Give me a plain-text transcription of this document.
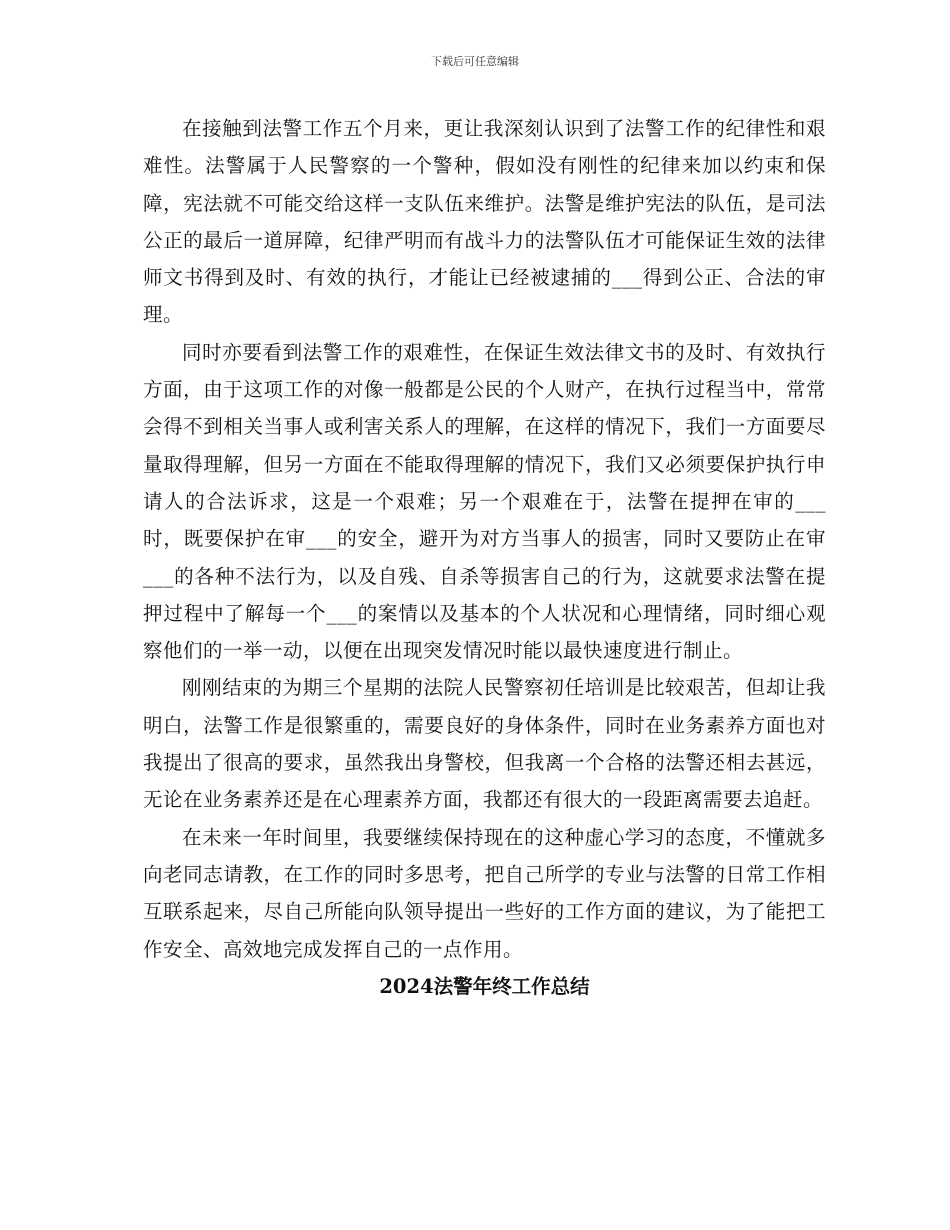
下载后可任意编辑

在接触到法警工作五个月来，更让我深刻认识到了法警工作的纪律性和艰难性。法警属于人民警察的一个警种，假如没有刚性的纪律来加以约束和保障，宪法就不可能交给这样一支队伍来维护。法警是维护宪法的队伍，是司法公正的最后一道屏障，纪律严明而有战斗力的法警队伍才可能保证生效的法律师文书得到及时、有效的执行，才能让已经被逮捕的___得到公正、合法的审理。

同时亦要看到法警工作的艰难性，在保证生效法律文书的及时、有效执行方面，由于这项工作的对像一般都是公民的个人财产，在执行过程当中，常常会得不到相关当事人或利害关系人的理解，在这样的情况下，我们一方面要尽量取得理解，但另一方面在不能取得理解的情况下，我们又必须要保护执行申请人的合法诉求，这是一个艰难；另一个艰难在于，法警在提押在审的___时，既要保护在审___的安全，避开为对方当事人的损害，同时又要防止在审___的各种不法行为，以及自残、自杀等损害自己的行为，这就要求法警在提押过程中了解每一个___的案情以及基本的个人状况和心理情绪，同时细心观察他们的一举一动，以便在出现突发情况时能以最快速度进行制止。

刚刚结束的为期三个星期的法院人民警察初任培训是比较艰苦，但却让我明白，法警工作是很繁重的，需要良好的身体条件，同时在业务素养方面也对我提出了很高的要求，虽然我出身警校，但我离一个合格的法警还相去甚远，无论在业务素养还是在心理素养方面，我都还有很大的一段距离需要去追赶。

在未来一年时间里，我要继续保持现在的这种虚心学习的态度，不懂就多向老同志请教，在工作的同时多思考，把自己所学的专业与法警的日常工作相互联系起来，尽自己所能向队领导提出一些好的工作方面的建议，为了能把工作安全、高效地完成发挥自己的一点作用。

2024法警年终工作总结
